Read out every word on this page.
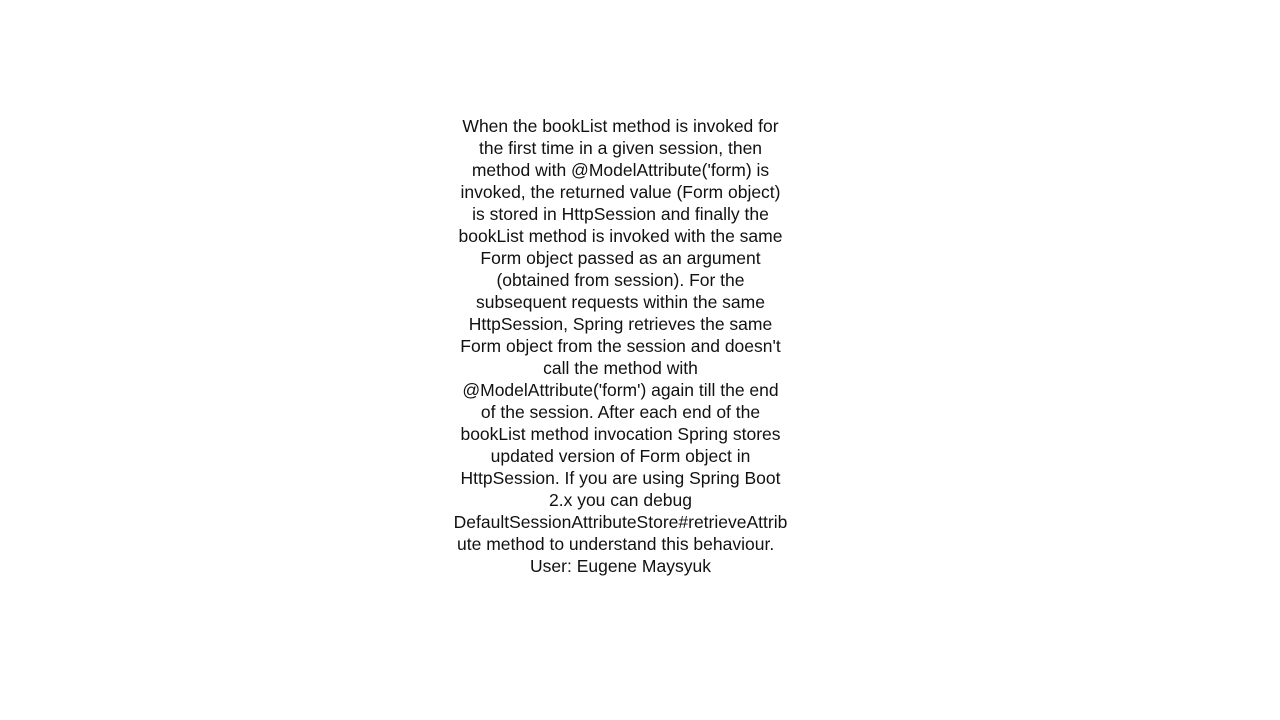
When the bookList method is invoked for the first time in a given session, then method with @ModelAttribute('form) is invoked, the returned value (Form object) is stored in HttpSession and finally the bookList method is invoked with the same Form object passed as an argument (obtained from session). For the subsequent requests within the same HttpSession, Spring retrieves the same Form object from the session and doesn't call the method with @ModelAttribute('form') again till the end of the session. After each end of the bookList method invocation Spring stores updated version of Form object in HttpSession. If you are using Spring Boot 2.x you can debug DefaultSessionAttributeStore#retrieveAttribute method to understand this behaviour.   User: Eugene Maysyuk
